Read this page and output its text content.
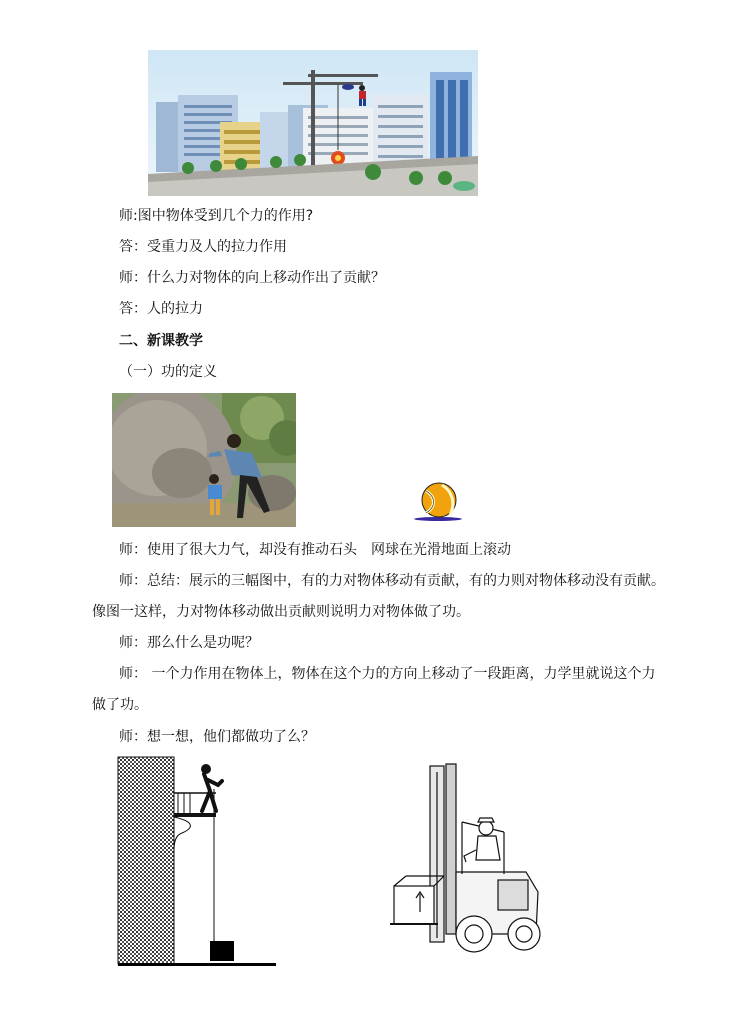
师:图中物体受到几个力的作用?
答：受重力及人的拉力作用
师：什么力对物体的向上移动作出了贡献？
答：人的拉力
二、新课教学
（一）功的定义
师：使用了很大力气，却没有推动石头　网球在光滑地面上滚动
师：总结：展示的三幅图中，有的力对物体移动有贡献，有的力则对物体移动没有贡献。
像图一这样，力对物体移动做出贡献则说明力对物体做了功。
师：那么什么是功呢？
师： 一个力作用在物体上，物体在这个力的方向上移动了一段距离，力学里就说这个力
做了功。
师：想一想，他们都做功了么？
